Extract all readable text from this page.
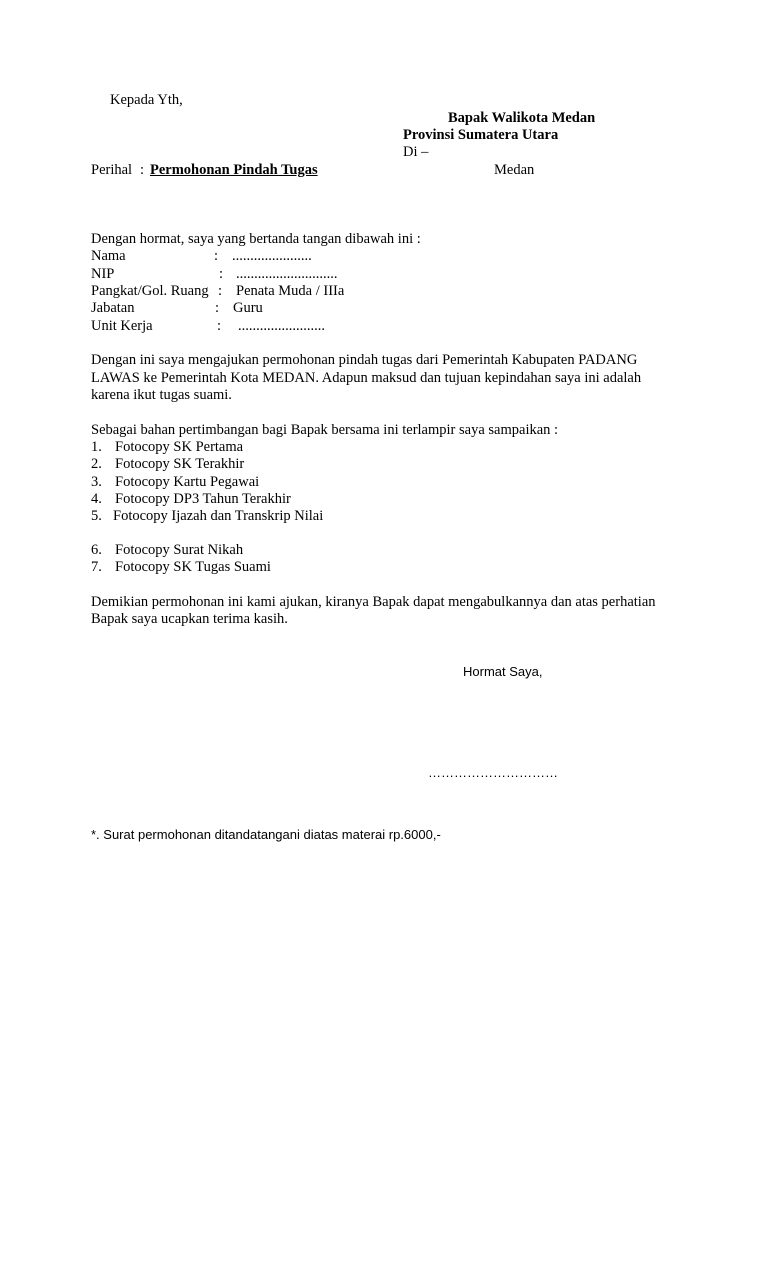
Kepada Yth,
Bapak Walikota Medan
Provinsi Sumatera Utara
Di –
Perihal : Permohonan Pindah Tugas	Medan
Dengan hormat, saya yang bertanda tangan dibawah ini :
Nama	: ......................
NIP	: ............................
Pangkat/Gol. Ruang : Penata Muda / IIIa
Jabatan	: Guru
Unit Kerja	: ........................
Dengan ini saya mengajukan permohonan pindah tugas dari Pemerintah Kabupaten PADANG
LAWAS ke Pemerintah Kota MEDAN. Adapun maksud dan tujuan kepindahan saya ini adalah
karena ikut tugas suami.
Sebagai bahan pertimbangan bagi Bapak bersama ini terlampir saya sampaikan :
1. Fotocopy SK Pertama
2. Fotocopy SK Terakhir
3. Fotocopy Kartu Pegawai
4. Fotocopy DP3 Tahun Terakhir
5. Fotocopy Ijazah dan Transkrip Nilai
6. Fotocopy Surat Nikah
7. Fotocopy SK Tugas Suami
Demikian permohonan ini kami ajukan, kiranya Bapak dapat mengabulkannya dan atas perhatian
Bapak saya ucapkan terima kasih.
Hormat Saya,
…………………………
*. Surat permohonan ditandatangani diatas materai rp.6000,-
